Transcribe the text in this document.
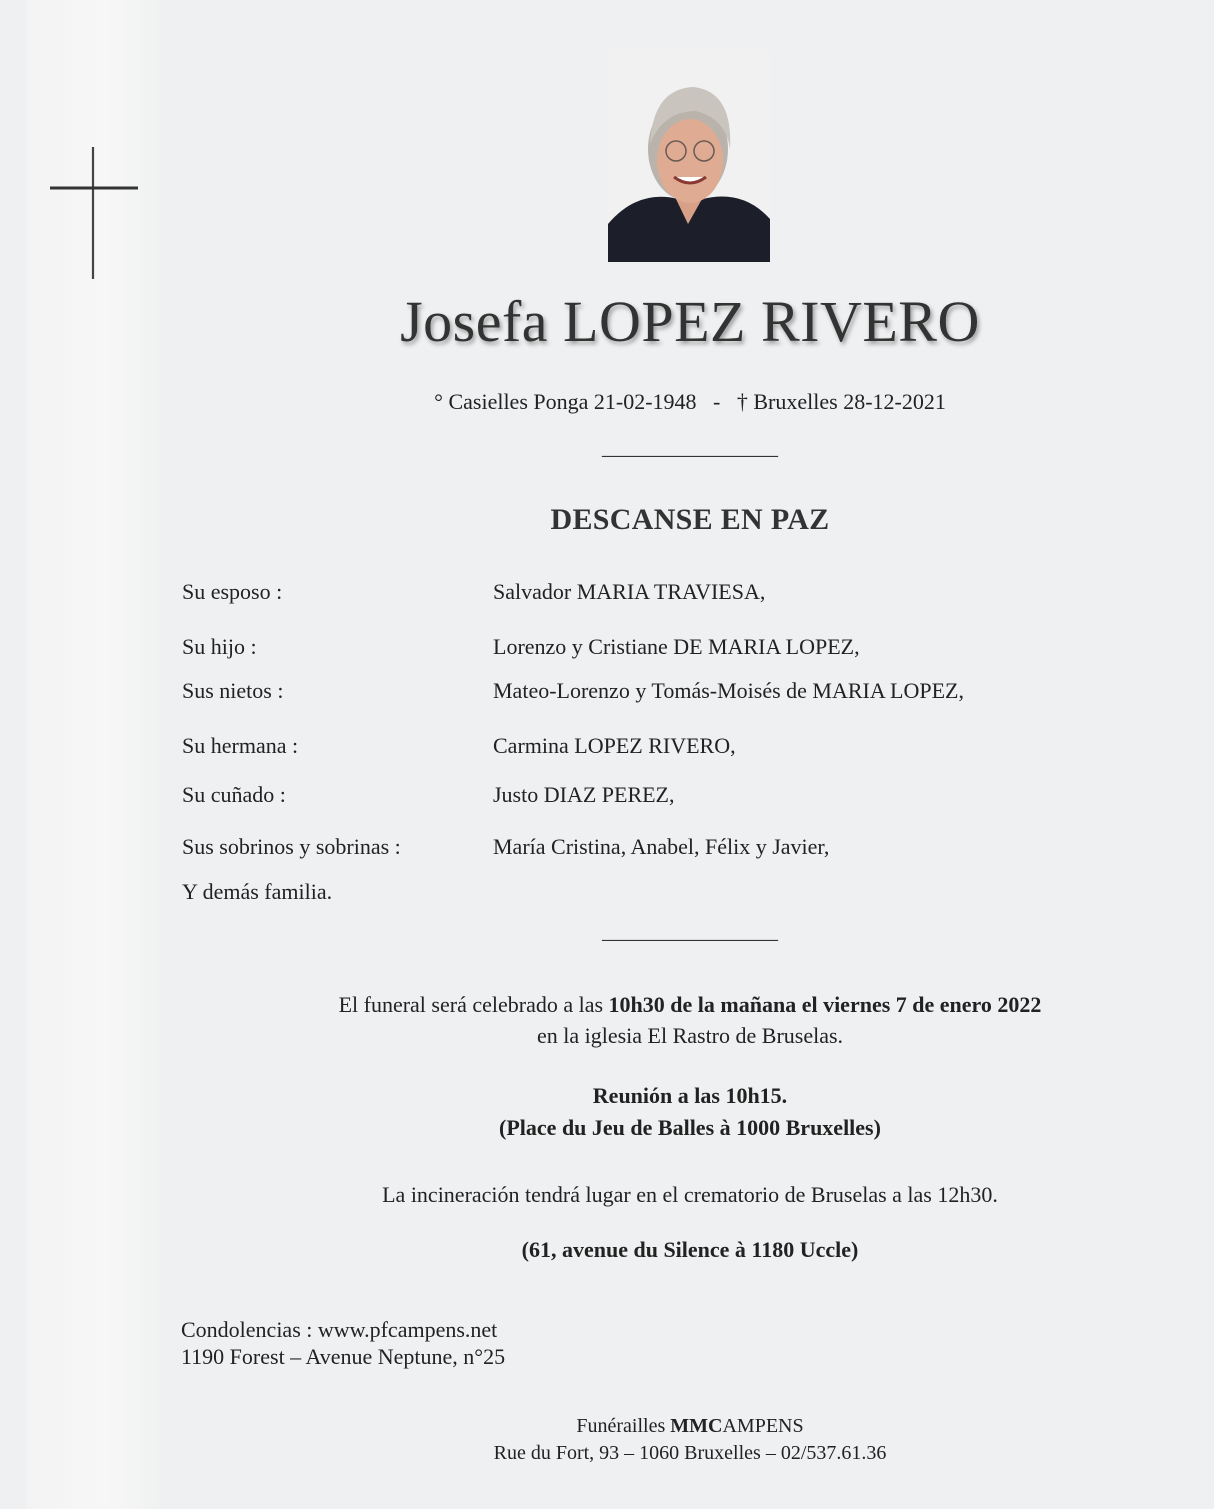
Josefa LOPEZ RIVERO
° Casielles Ponga 21-02-1948 - † Bruxelles 28-12-2021
________________
DESCANSE EN PAZ
Su esposo :	Salvador MARIA TRAVIESA,
Su hijo :	Lorenzo y Cristiane DE MARIA LOPEZ,
Sus nietos :	Mateo-Lorenzo y Tomás-Moisés de MARIA LOPEZ,
Su hermana :	Carmina LOPEZ RIVERO,
Su cuñado :	Justo DIAZ PEREZ,
Sus sobrinos y sobrinas :	María Cristina, Anabel, Félix y Javier,
Y demás familia.
________________
El funeral será celebrado a las 10h30 de la mañana el viernes 7 de enero 2022
en la iglesia El Rastro de Bruselas.
Reunión a las 10h15.
(Place du Jeu de Balles à 1000 Bruxelles)
La incineración tendrá lugar en el crematorio de Bruselas a las 12h30.
(61, avenue du Silence à 1180 Uccle)
Condolencias : www.pfcampens.net
1190 Forest – Avenue Neptune, n°25
Funérailles MM CAMPENS
Rue du Fort, 93 – 1060 Bruxelles – 02/537.61.36
